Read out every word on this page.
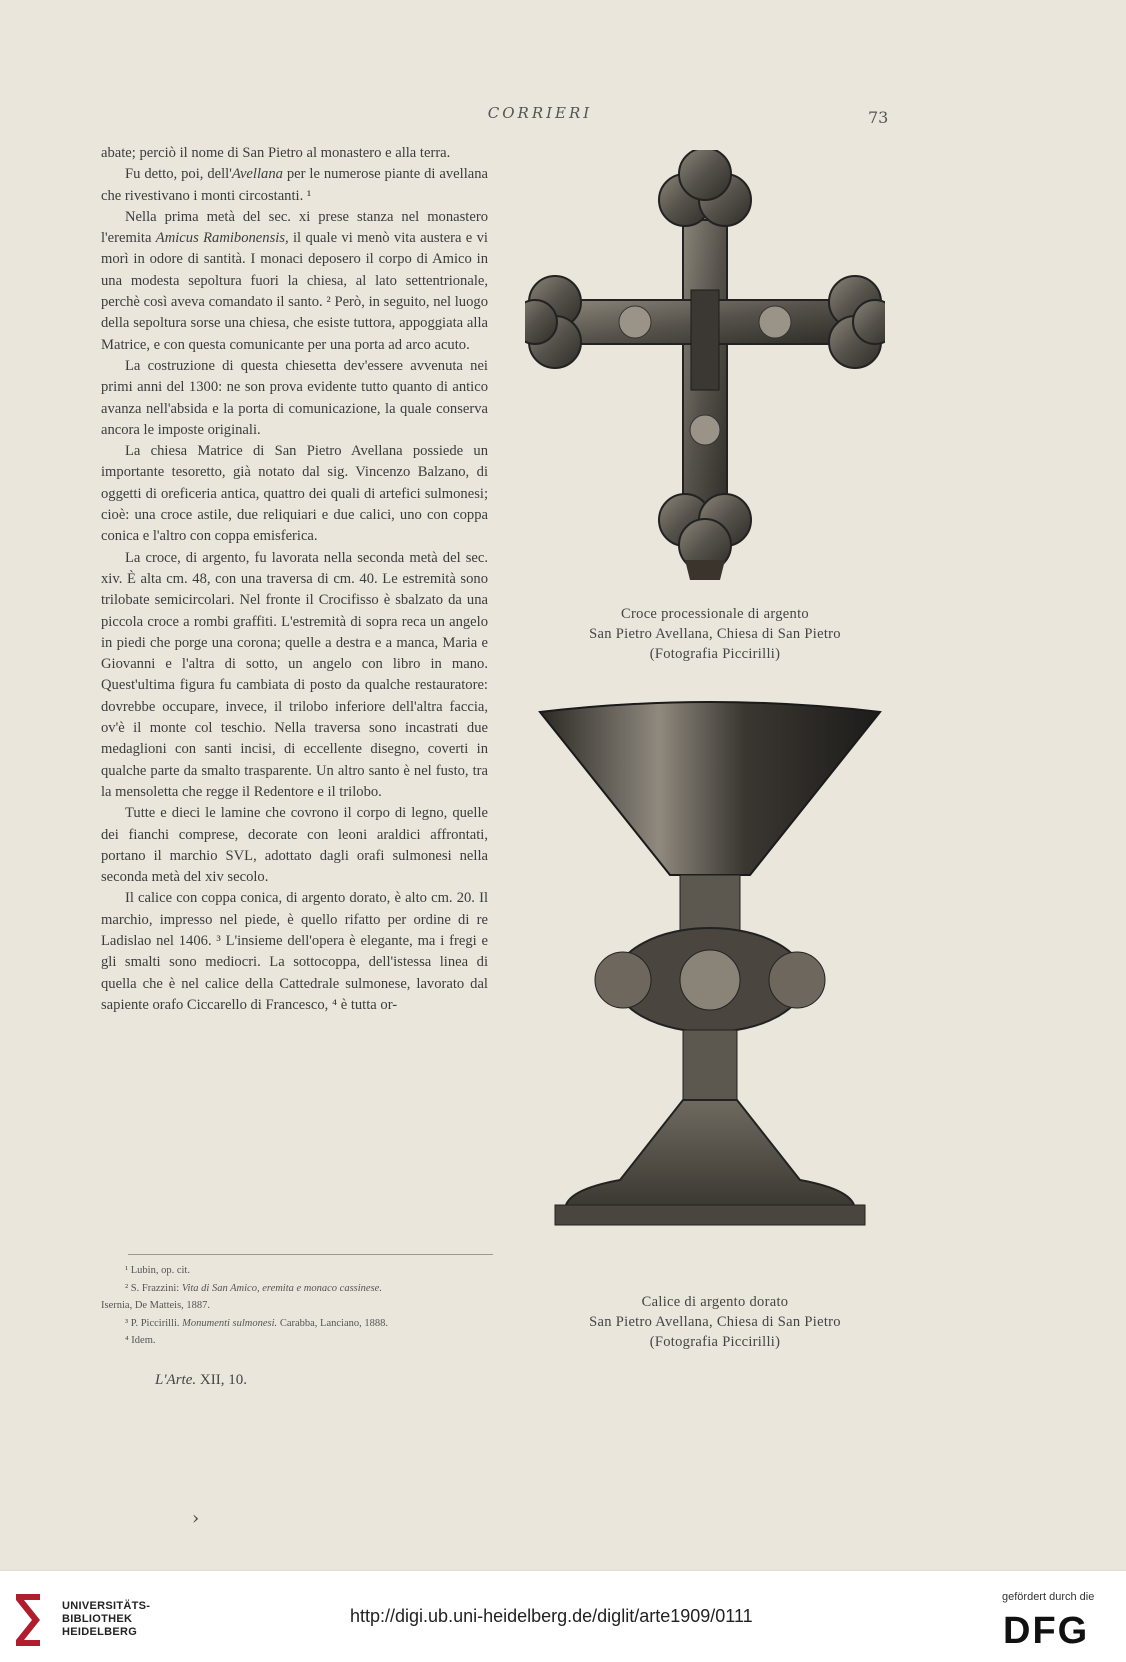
CORRIERI	73

abate; perciò il nome di San Pietro al monastero e alla terra.

Fu detto, poi, dell'Avellana per le numerose piante di avellana che rivestivano i monti circostanti. ¹

Nella prima metà del sec. xi prese stanza nel monastero l'eremita Amicus Ramibonensis, il quale vi menò vita austera e vi morì in odore di santità. I monaci deposero il corpo di Amico in una modesta sepoltura fuori la chiesa, al lato settentrionale, perchè così aveva comandato il santo. ² Però, in seguito, nel luogo della sepoltura sorse una chiesa, che esiste tuttora, appoggiata alla Matrice, e con questa comunicante per una porta ad arco acuto.

La costruzione di questa chiesetta dev'essere avvenuta nei primi anni del 1300: ne son prova evidente tutto quanto di antico avanza nell'absida e la porta di comunicazione, la quale conserva ancora le imposte originali.

La chiesa Matrice di San Pietro Avellana possiede un importante tesoretto, già notato dal sig. Vincenzo Balzano, di oggetti di oreficeria antica, quattro dei quali di artefici sulmonesi; cioè: una croce astile, due reliquiari e due calici, uno con coppa conica e l'altro con coppa emisferica.

La croce, di argento, fu lavorata nella seconda metà del sec. xiv. È alta cm. 48, con una traversa di cm. 40. Le estremità sono trilobate semicircolari. Nel fronte il Crocifisso è sbalzato da una piccola croce a rombi graffiti. L'estremità di sopra reca un angelo in piedi che porge una corona; quelle a destra e a manca, Maria e Giovanni e l'altra di sotto, un angelo con libro in mano. Quest'ultima figura fu cambiata di posto da qualche restauratore: dovrebbe occupare, invece, il trilobo inferiore dell'altra faccia, ov'è il monte col teschio. Nella traversa sono incastrati due medaglioni con santi incisi, di eccellente disegno, coverti in qualche parte da smalto trasparente. Un altro santo è nel fusto, tra la mensoletta che regge il Redentore e il trilobo.

Tutte e dieci le lamine che covrono il corpo di legno, quelle dei fianchi comprese, decorate con leoni araldici affrontati, portano il marchio SVL, adottato dagli orafi sulmonesi nella seconda metà del xiv secolo.

Il calice con coppa conica, di argento dorato, è alto cm. 20. Il marchio, impresso nel piede, è quello rifatto per ordine di re Ladislao nel 1406. ³ L'insieme dell'opera è elegante, ma i fregi e gli smalti sono mediocri. La sottocoppa, dell'istessa linea di quella che è nel calice della Cattedrale sulmonese, lavorato dal sapiente orafo Ciccarello di Francesco, ⁴ è tutta or-

¹ Lubin, op. cit.
² S. Frazzini: Vita di San Amico, eremita e monaco cassinese.
Isernia, De Matteis, 1887.
³ P. Piccirilli. Monumenti sulmonesi. Carabba, Lanciano, 1888.
⁴ Idem.
L'Arte. XII, 10.
Croce processionale di argento
San Pietro Avellana, Chiesa di San Pietro
(Fotografia Piccirilli)
Calice di argento dorato
San Pietro Avellana, Chiesa di San Pietro
(Fotografia Piccirilli)
›
UNIVERSITÄTS-
BIBLIOTHEK
HEIDELBERG
http://digi.ub.uni-heidelberg.de/diglit/arte1909/0111
gefördert durch die
DFG
